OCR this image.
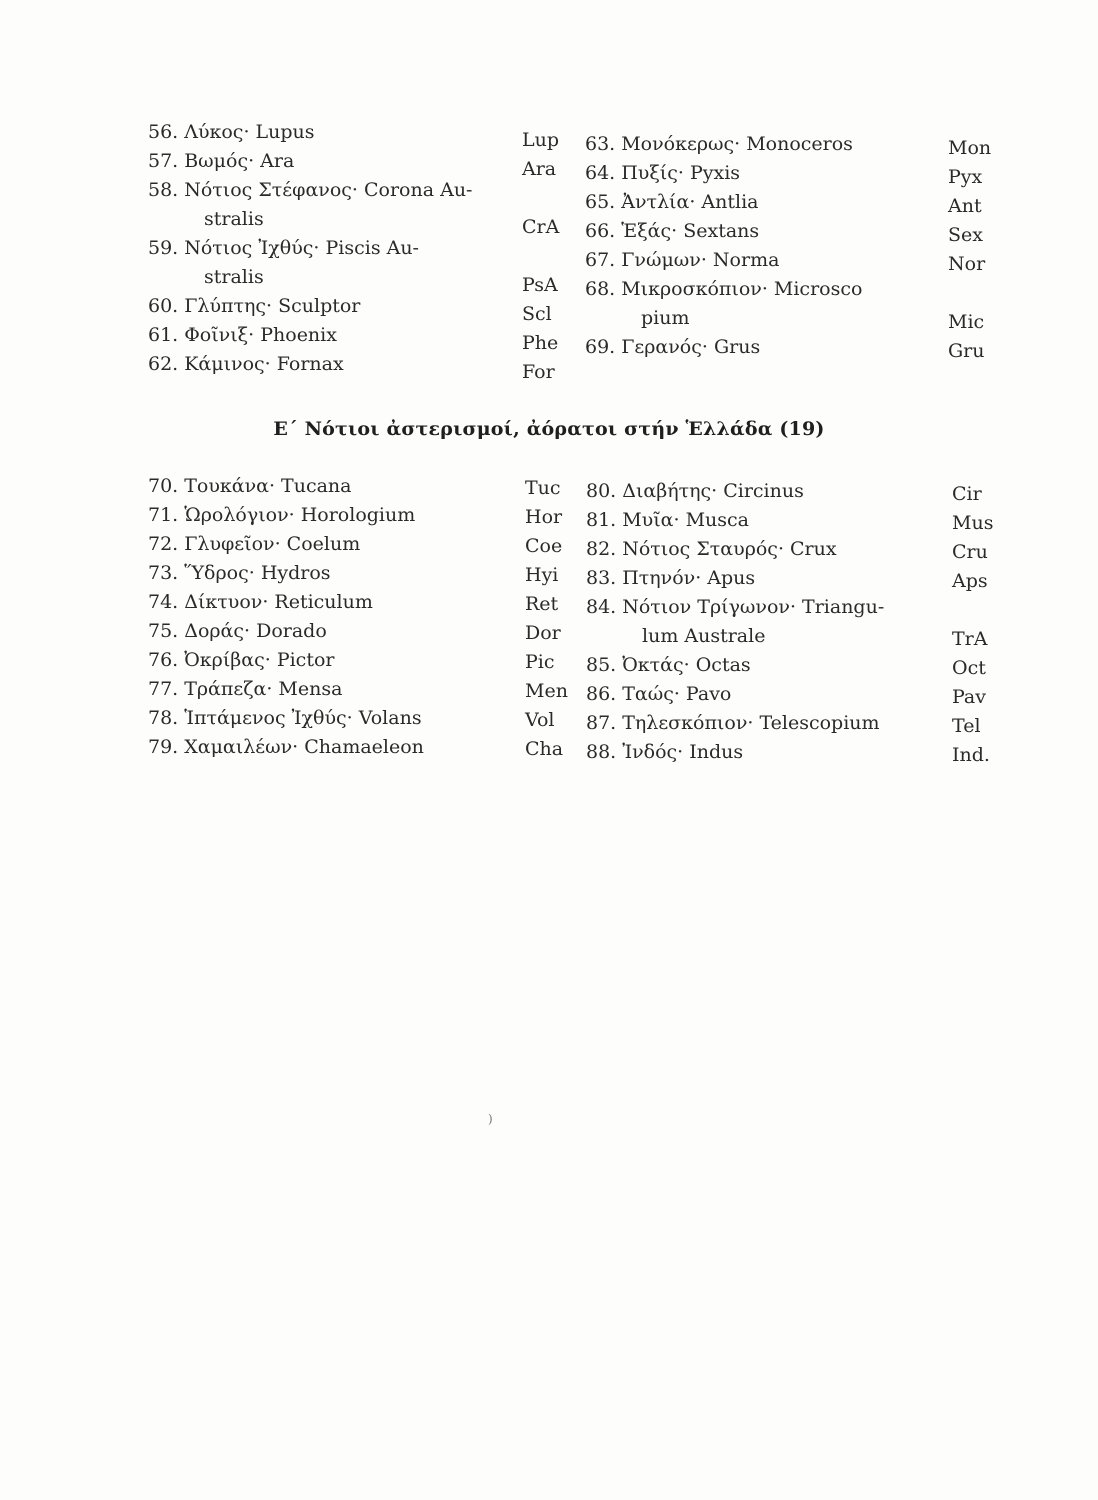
56. Λύκος· Lupus
57. Βωμός· Ara
58. Νότιος Στέφανος· Corona Au-
stralis
59. Νότιος Ἰχθύς· Piscis Au-
stralis
60. Γλύπτης· Sculptor
61. Φοῖνιξ· Phoenix
62. Κάμινος· Fornax
Lup
Ara
CrA
PsA
Scl
Phe
For
63. Μονόκερως· Monoceros
64. Πυξίς· Pyxis
65. Ἀντλία· Antlia
66. Ἑξάς· Sextans
67. Γνώμων· Norma
68. Μικροσκόπιον· Microsco
pium
69. Γερανός· Grus
Mon
Pyx
Ant
Sex
Nor
Mic
Gru
Ε΄ Νότιοι ἀστερισμοί, ἀόρατοι στήν Ἑλλάδα (19)
70. Τουκάνα· Tucana
71. Ὡρολόγιον· Horologium
72. Γλυφεῖον· Coelum
73. Ὕδρος· Hydros
74. Δίκτυον· Reticulum
75. Δοράς· Dorado
76. Ὀκρίβας· Pictor
77. Τράπεζα· Mensa
78. Ἱπτάμενος Ἰχθύς· Volans
79. Χαμαιλέων· Chamaeleon
Tuc
Hor
Coe
Hyi
Ret
Dor
Pic
Men
Vol
Cha
80. Διαβήτης· Circinus
81. Μυῖα· Musca
82. Νότιος Σταυρός· Crux
83. Πτηνόν· Apus
84. Νότιον Τρίγωνον· Triangu-
lum Australe
85. Ὀκτάς· Octas
86. Ταώς· Pavo
87. Τηλεσκόπιον· Telescopium
88. Ἰνδός· Indus
Cir
Mus
Cru
Aps
TrA
Oct
Pav
Tel
Ind.
)
